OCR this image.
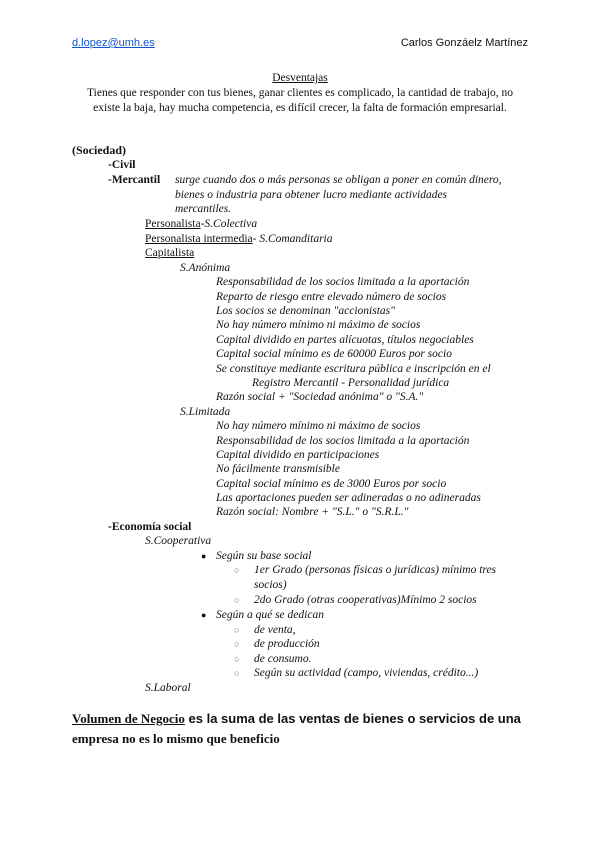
d.lopez@umh.es	Carlos Gonzáelz Martínez
Desventajas
Tienes que responder con tus bienes, ganar clientes es complicado, la cantidad de trabajo, no
existe la baja, hay mucha competencia, es difícil crecer, la falta de formación empresarial.
(Sociedad)
-Civil
-Mercantil surge cuando dos o más personas se obligan a poner en común dinero,
bienes o industria para obtener lucro mediante actividades
mercantiles.
Personalista-S.Colectiva
Personalista intermedia- S.Comanditaria
Capitalista
S.Anónima
Responsabilidad de los socios limitada a la aportación
Reparto de riesgo entre elevado número de socios
Los socios se denominan "accionistas"
No hay número mínimo ni máximo de socios
Capital dividido en partes alícuotas, títulos negociables
Capital social mínimo es de 60000 Euros por socio
Se constituye mediante escritura pública e inscripción en el
Registro Mercantil - Personalidad jurídica
Razón social + "Sociedad anónima" o "S.A."
S.Limitada
No hay número mínimo ni máximo de socios
Responsabilidad de los socios limitada a la aportación
Capital dividido en participaciones
No fácilmente transmisible
Capital social mínimo es de 3000 Euros por socio
Las aportaciones pueden ser adineradas o no adineradas
Razón social: Nombre + "S.L." o "S.R.L."
-Economía social
S.Cooperativa
● Según su base social
○ 1er Grado (personas físicas o jurídicas) mínimo tres
socios)
○ 2do Grado (otras cooperativas)Mínimo 2 socios
● Según a qué se dedican
○ de venta,
○ de producción
○ de consumo.
○ Según su actividad (campo, viviendas, crédito...)
S.Laboral
Volumen de Negocio es la suma de las ventas de bienes o servicios de una
empresa no es lo mismo que beneficio
